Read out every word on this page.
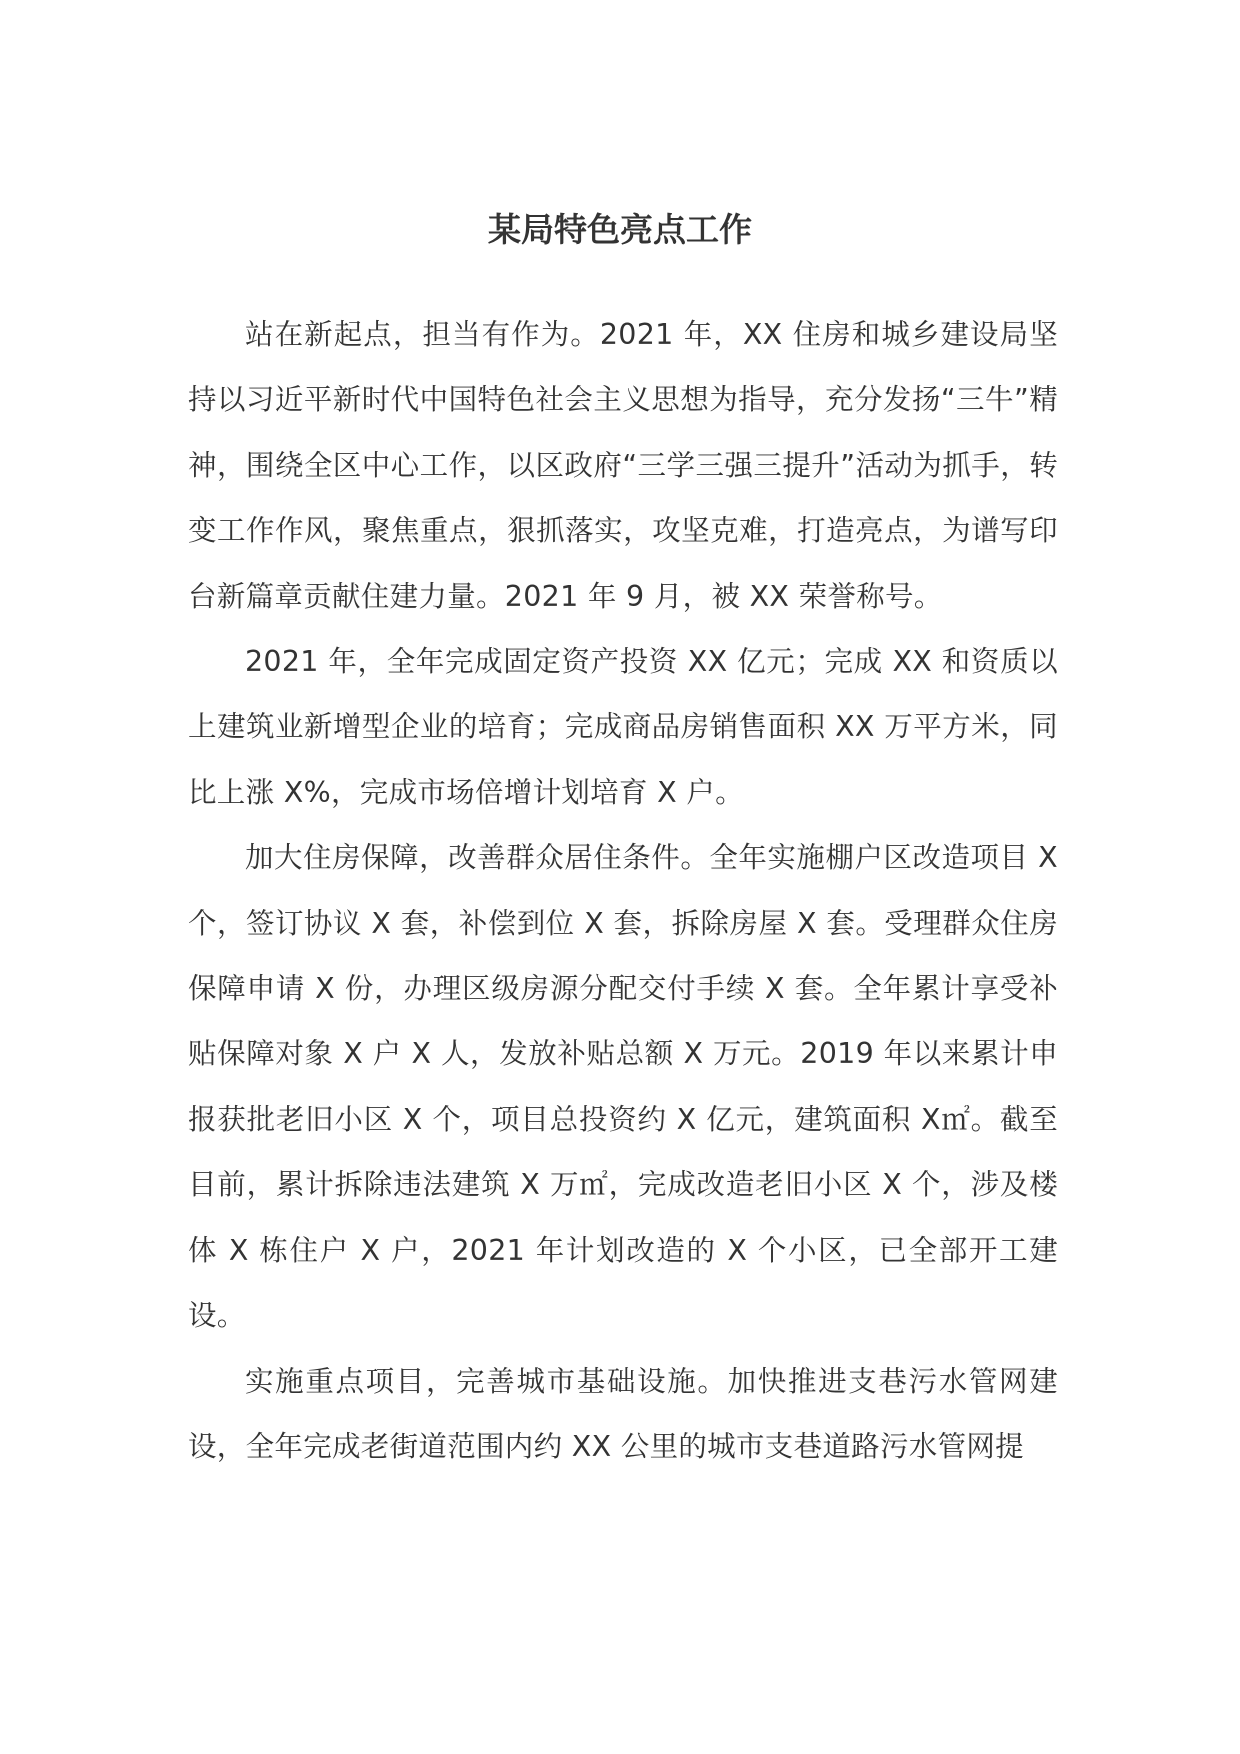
某局特色亮点工作

站在新起点，担当有作为。2021 年，XX 住房和城乡建设局坚持以习近平新时代中国特色社会主义思想为指导，充分发扬“三牛”精神，围绕全区中心工作，以区政府“三学三强三提升”活动为抓手，转变工作作风，聚焦重点，狠抓落实，攻坚克难，打造亮点，为谱写印台新篇章贡献住建力量。2021 年 9 月，被 XX 荣誉称号。

2021 年，全年完成固定资产投资 XX 亿元；完成 XX 和资质以上建筑业新增型企业的培育；完成商品房销售面积 XX 万平方米，同比上涨 X%，完成市场倍增计划培育 X 户。

加大住房保障，改善群众居住条件。全年实施棚户区改造项目 X 个，签订协议 X 套，补偿到位 X 套，拆除房屋 X 套。受理群众住房保障申请 X 份，办理区级房源分配交付手续 X 套。全年累计享受补贴保障对象 X 户 X 人，发放补贴总额 X 万元。2019 年以来累计申报获批老旧小区 X 个，项目总投资约 X 亿元，建筑面积 X㎡。截至目前，累计拆除违法建筑 X 万㎡，完成改造老旧小区 X 个，涉及楼体 X 栋住户 X 户，2021 年计划改造的 X 个小区，已全部开工建设。

实施重点项目，完善城市基础设施。加快推进支巷污水管网建设，全年完成老街道范围内约 XX 公里的城市支巷道路污水管网提
